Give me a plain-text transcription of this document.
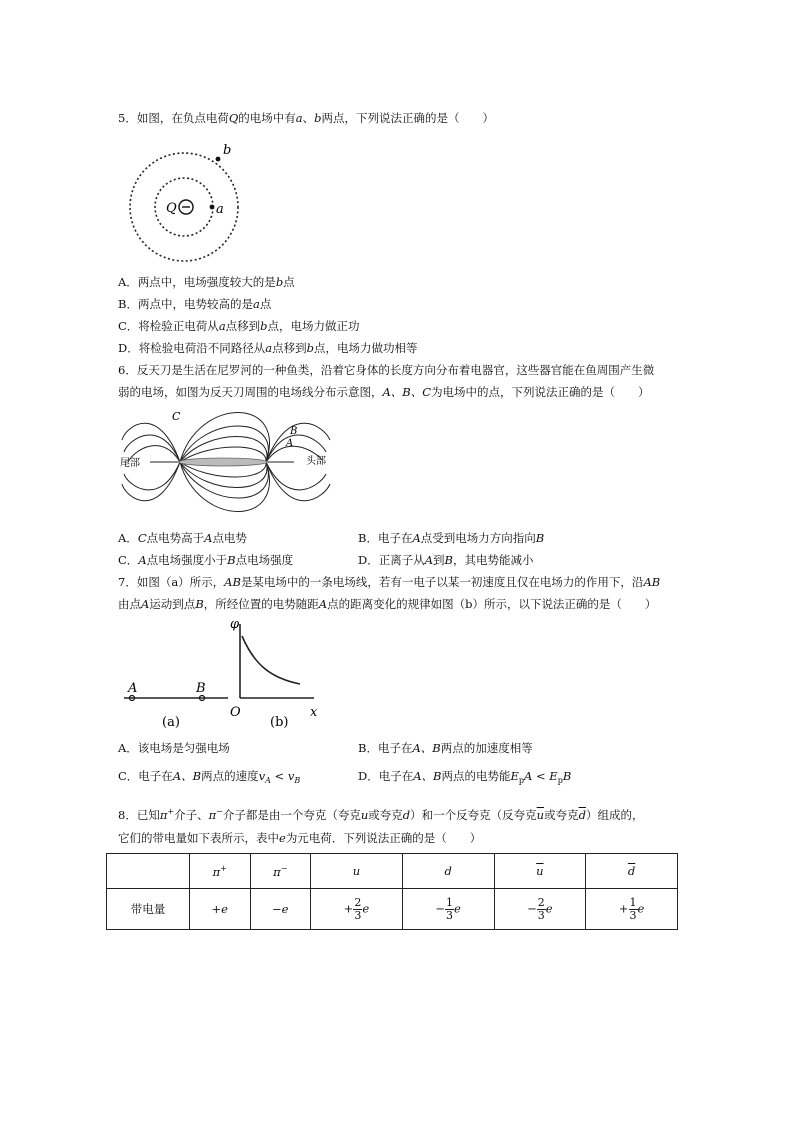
5．如图，在负点电荷Q的电场中有a、b两点，下列说法正确的是（　　）
Q	a
b
A．两点中，电场强度较大的是b点
B．两点中，电势较高的是a点
C．将检验正电荷从a点移到b点，电场力做正功
D．将检验电荷沿不同路径从a点移到b点，电场力做功相等
6．反天刀是生活在尼罗河的一种鱼类，沿着它身体的长度方向分布着电器官，这些器官能在鱼周围产生微
弱的电场，如图为反天刀周围的电场线分布示意图，A、B、C为电场中的点，下列说法正确的是（　　）
尾部	头部
C
B
A
A．C点电势高于A点电势	B．电子在A点受到电场力方向指向B
C．A点电场强度小于B点电场强度	D．正离子从A到B，其电势能减小
7．如图（a）所示，AB是某电场中的一条电场线，若有一电子以某一初速度且仅在电场力的作用下，沿AB
由点A运动到点B，所经位置的电势随距A点的距离变化的规律如图（b）所示，以下说法正确的是（　　）
A	B
(a)
φ
O	x
(b)
A．该电场是匀强电场	B．电子在A、B两点的加速度相等
C．电子在A、B两点的速度$v_A < v_B$	D．电子在A、B两点的电势能$E_pA < E_pB$
8．已知π+介子、π−介子都是由一个夸克（夸克u或夸克d）和一个反夸克（反夸克$\overline{u}$或夸克$\overline{d}$）组成的，
它们的带电量如下表所示，表中e为元电荷．下列说法正确的是（　　）
	π+	π−	u	d	$\overline{u}$	$\overline{d}$
带电量	+e	−e	+ $\frac{2}{3}$ e	− $\frac{1}{3}$ e	− $\frac{2}{3}$ e	+ $\frac{1}{3}$ e
